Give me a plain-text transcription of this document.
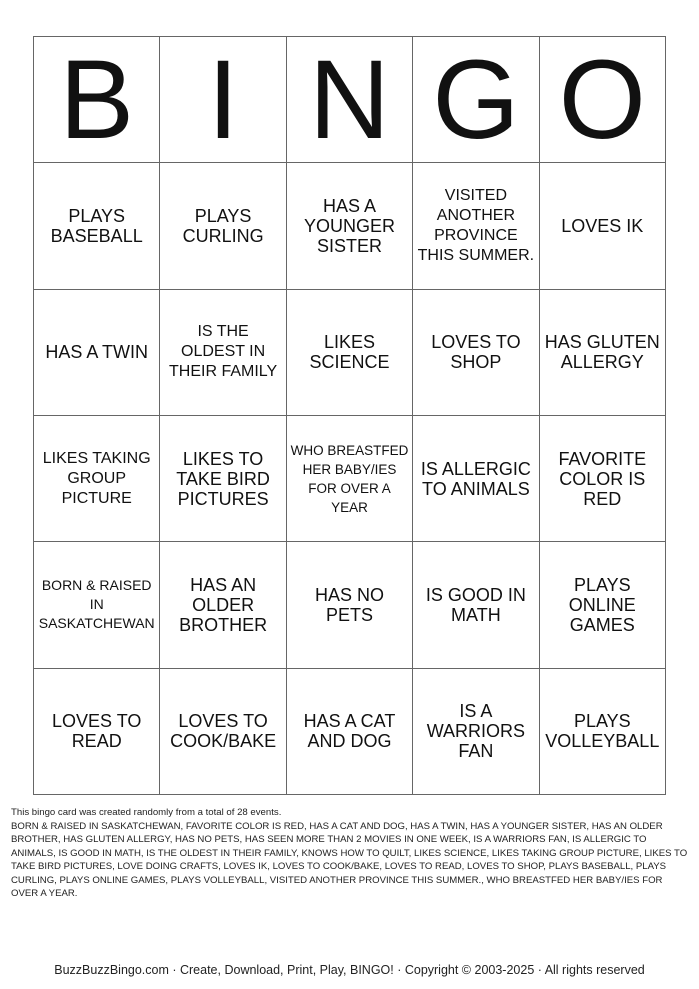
B I N G O
PLAYS BASEBALL
PLAYS CURLING
HAS A YOUNGER SISTER
VISITED ANOTHER PROVINCE THIS SUMMER.
LOVES IK
HAS A TWIN
IS THE OLDEST IN THEIR FAMILY
LIKES SCIENCE
LOVES TO SHOP
HAS GLUTEN ALLERGY
LIKES TAKING GROUP PICTURE
LIKES TO TAKE BIRD PICTURES
WHO BREASTFED HER BABY/IES FOR OVER A YEAR
IS ALLERGIC TO ANIMALS
FAVORITE COLOR IS RED
BORN & RAISED IN SASKATCHEWAN
HAS AN OLDER BROTHER
HAS NO PETS
IS GOOD IN MATH
PLAYS ONLINE GAMES
LOVES TO READ
LOVES TO COOK/BAKE
HAS A CAT AND DOG
IS A WARRIORS FAN
PLAYS VOLLEYBALL

This bingo card was created randomly from a total of 28 events.

BORN & RAISED IN SASKATCHEWAN, FAVORITE COLOR IS RED, HAS A CAT AND DOG, HAS A TWIN, HAS A YOUNGER SISTER, HAS AN OLDER BROTHER, HAS GLUTEN ALLERGY, HAS NO PETS, HAS SEEN MORE THAN 2 MOVIES IN ONE WEEK, IS A WARRIORS FAN, IS ALLERGIC TO ANIMALS, IS GOOD IN MATH, IS THE OLDEST IN THEIR FAMILY, KNOWS HOW TO QUILT, LIKES SCIENCE, LIKES TAKING GROUP PICTURE, LIKES TO TAKE BIRD PICTURES, LOVE DOING CRAFTS, LOVES IK, LOVES TO COOK/BAKE, LOVES TO READ, LOVES TO SHOP, PLAYS BASEBALL, PLAYS CURLING, PLAYS ONLINE GAMES, PLAYS VOLLEYBALL, VISITED ANOTHER PROVINCE THIS SUMMER., WHO BREASTFED HER BABY/IES FOR OVER A YEAR.

BuzzBuzzBingo.com · Create, Download, Print, Play, BINGO! · Copyright © 2003-2025 · All rights reserved
